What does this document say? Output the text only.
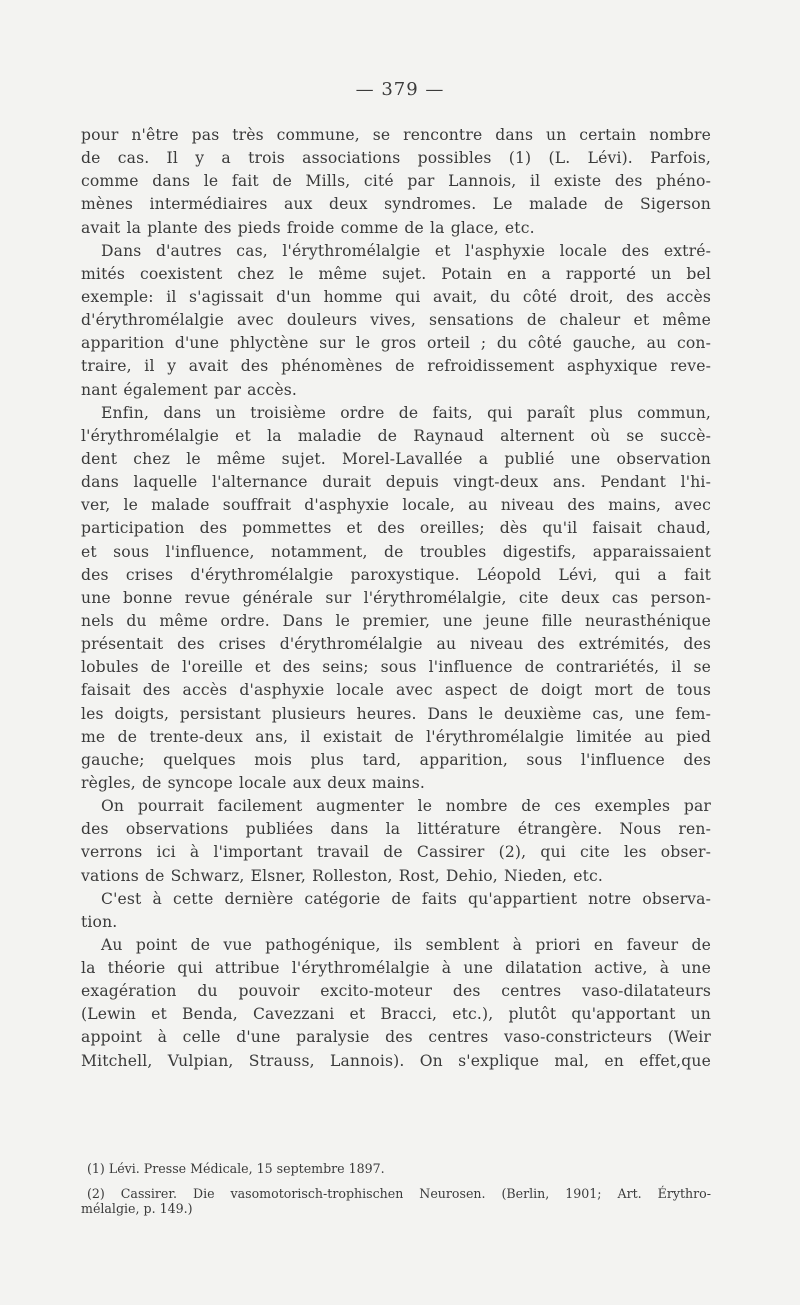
— 379 —
pour n'être pas très commune, se rencontre dans un certain nombre
de cas. Il y a trois associations possibles (1) (L. Lévi). Parfois,
comme dans le fait de Mills, cité par Lannois, il existe des phéno-
mènes intermédiaires aux deux syndromes. Le malade de Sigerson
avait la plante des pieds froide comme de la glace, etc.
Dans d'autres cas, l'érythromélalgie et l'asphyxie locale des extré-
mités coexistent chez le même sujet. Potain en a rapporté un bel
exemple: il s'agissait d'un homme qui avait, du côté droit, des accès
d'érythromélalgie avec douleurs vives, sensations de chaleur et même
apparition d'une phlyctène sur le gros orteil ; du côté gauche, au con-
traire, il y avait des phénomènes de refroidissement asphyxique reve-
nant également par accès.
Enfin, dans un troisième ordre de faits, qui paraît plus commun,
l'érythromélalgie et la maladie de Raynaud alternent où se succè-
dent chez le même sujet. Morel-Lavallée a publié une observation
dans laquelle l'alternance durait depuis vingt-deux ans. Pendant l'hi-
ver, le malade souffrait d'asphyxie locale, au niveau des mains, avec
participation des pommettes et des oreilles; dès qu'il faisait chaud,
et sous l'influence, notamment, de troubles digestifs, apparaissaient
des crises d'érythromélalgie paroxystique. Léopold Lévi, qui a fait
une bonne revue générale sur l'érythromélalgie, cite deux cas person-
nels du même ordre. Dans le premier, une jeune fille neurasthénique
présentait des crises d'érythromélalgie au niveau des extrémités, des
lobules de l'oreille et des seins; sous l'influence de contrariétés, il se
faisait des accès d'asphyxie locale avec aspect de doigt mort de tous
les doigts, persistant plusieurs heures. Dans le deuxième cas, une fem-
me de trente-deux ans, il existait de l'érythromélalgie limitée au pied
gauche; quelques mois plus tard, apparition, sous l'influence des
règles, de syncope locale aux deux mains.
On pourrait facilement augmenter le nombre de ces exemples par
des observations publiées dans la littérature étrangère. Nous ren-
verrons ici à l'important travail de Cassirer (2), qui cite les obser-
vations de Schwarz, Elsner, Rolleston, Rost, Dehio, Nieden, etc.
C'est à cette dernière catégorie de faits qu'appartient notre observa-
tion.
Au point de vue pathogénique, ils semblent à priori en faveur de
la théorie qui attribue l'érythromélalgie à une dilatation active, à une
exagération du pouvoir excito-moteur des centres vaso-dilatateurs
(Lewin et Benda, Cavezzani et Bracci, etc.), plutôt qu'apportant un
appoint à celle d'une paralysie des centres vaso-constricteurs (Weir
Mitchell, Vulpian, Strauss, Lannois). On s'explique mal, en effet,que
(1) Lévi. Presse Médicale, 15 septembre 1897.
(2) Cassirer. Die vasomotorisch-trophischen Neurosen. (Berlin, 1901; Art. Érythro-
mélalgie, p. 149.)
